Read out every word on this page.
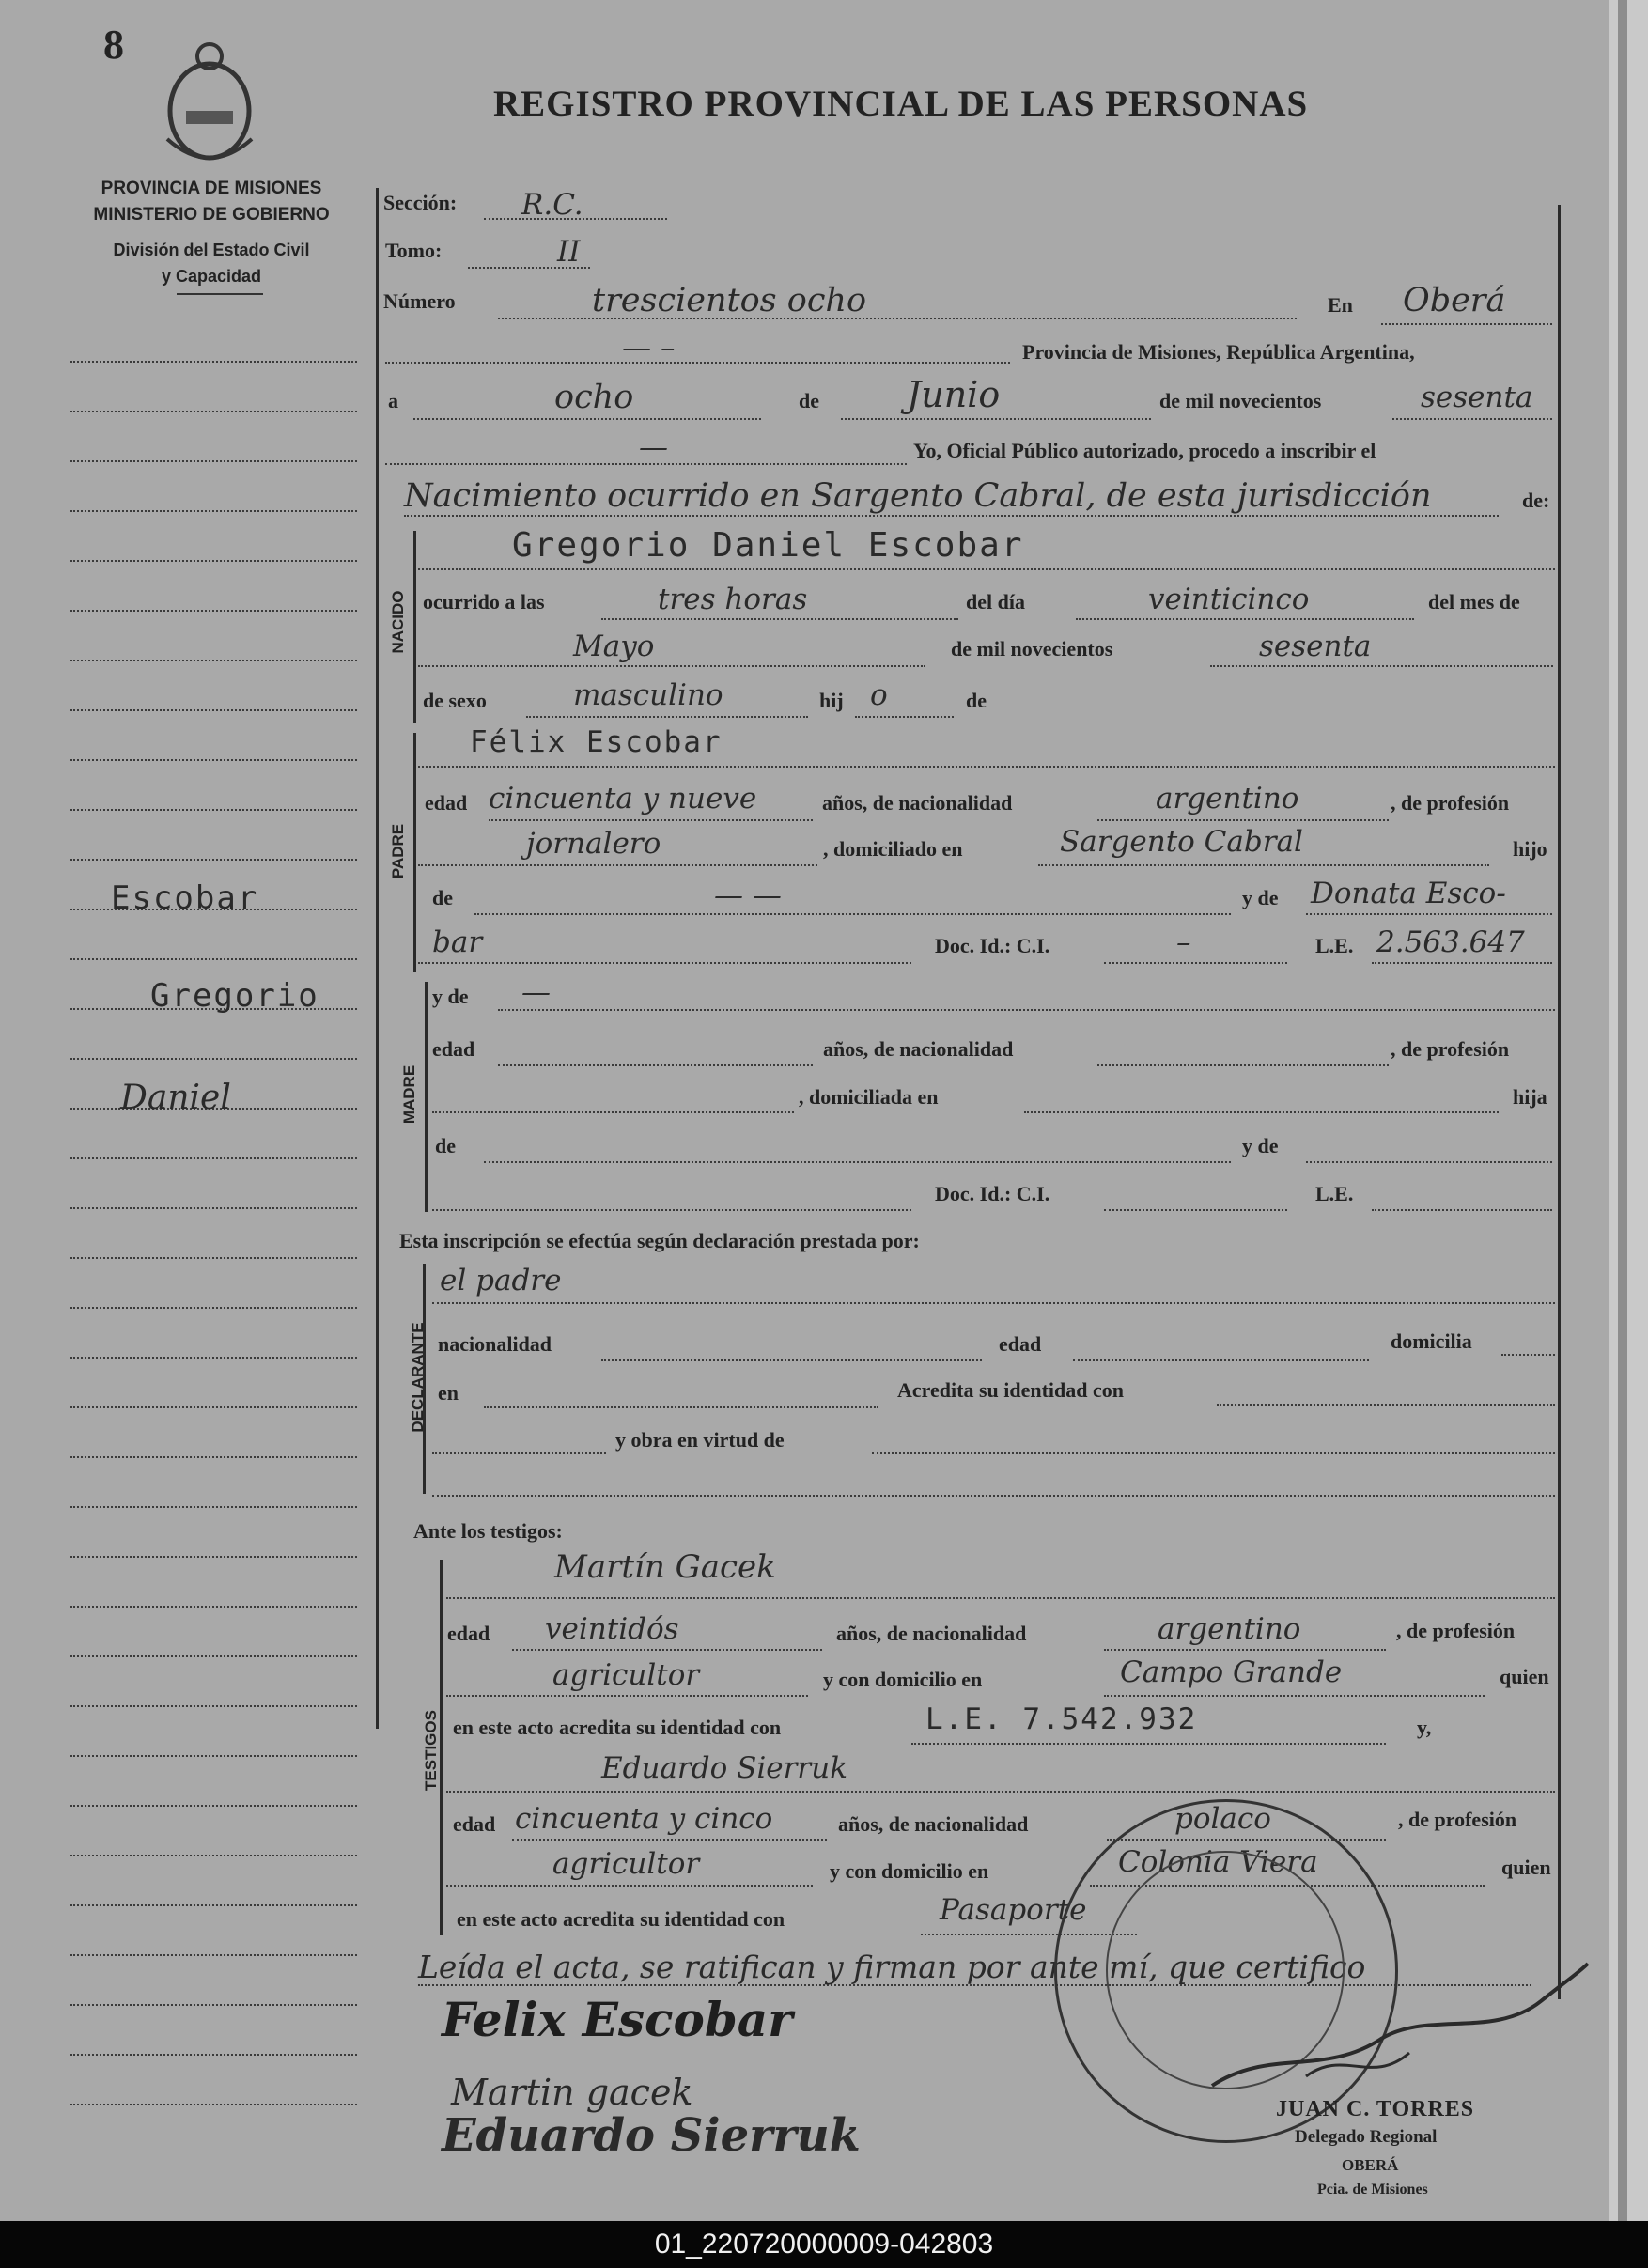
8
REGISTRO PROVINCIAL DE LAS PERSONAS
PROVINCIA DE MISIONES
MINISTERIO DE GOBIERNO
División del Estado Civil
y Capacidad
Escobar
Gregorio
Daniel
Sección: R.C.
Tomo:	II
Número	trescientos ocho	En Oberá
— –	Provincia de Misiones, República Argentina,
a	ocho	de Junio	de mil novecientos	sesenta
—	Yo, Oficial Público autorizado, procedo a inscribir el
Nacimiento ocurrido en Sargento Cabral, de esta jurisdicción	de:
NACIDO
Gregorio Daniel Escobar
ocurrido a las	tres horas	del día	veinticinco	del mes de
Mayo	de mil novecientos	sesenta
de sexo	masculino	hij o	de
PADRE
Félix Escobar
edad cincuenta y nueve	años, de nacionalidad	argentino	, de profesión
jornalero	, domiciliado en	Sargento Cabral	hijo
de	— —	y de Donata Esco-
bar	Doc. Id.: C.I.	–	L.E. 2.563.647
MADRE
y de —
edad	años, de nacionalidad	, de profesión
, domiciliada en	hija
de	y de
Doc. Id.: C.I.	L.E.
Esta inscripción se efectúa según declaración prestada por:
DECLARANTE
el padre
nacionalidad	edad	domicilia
en	Acredita su identidad con
y obra en virtud de
Ante los testigos:
TESTIGOS
Martín Gacek
edad veintidós	años, de nacionalidad	argentino	, de profesión
agricultor	y con domicilio en	Campo Grande	quien
en este acto acredita su identidad con	L.E. 7.542.932	y,
Eduardo Sierruk
edad cincuenta y cinco	años, de nacionalidad	polaco	, de profesión
agricultor	y con domicilio en	Colonia Viera	quien
en este acto acredita su identidad con	Pasaporte
Leída el acta, se ratifican y firman por ante mí, que certifico
Felix Escobar
Martin gacek
Eduardo Sierruk	JUAN C. TORRES
Delegado Regional
OBERÁ
Pcia. de Misiones
01_220720000009-042803
